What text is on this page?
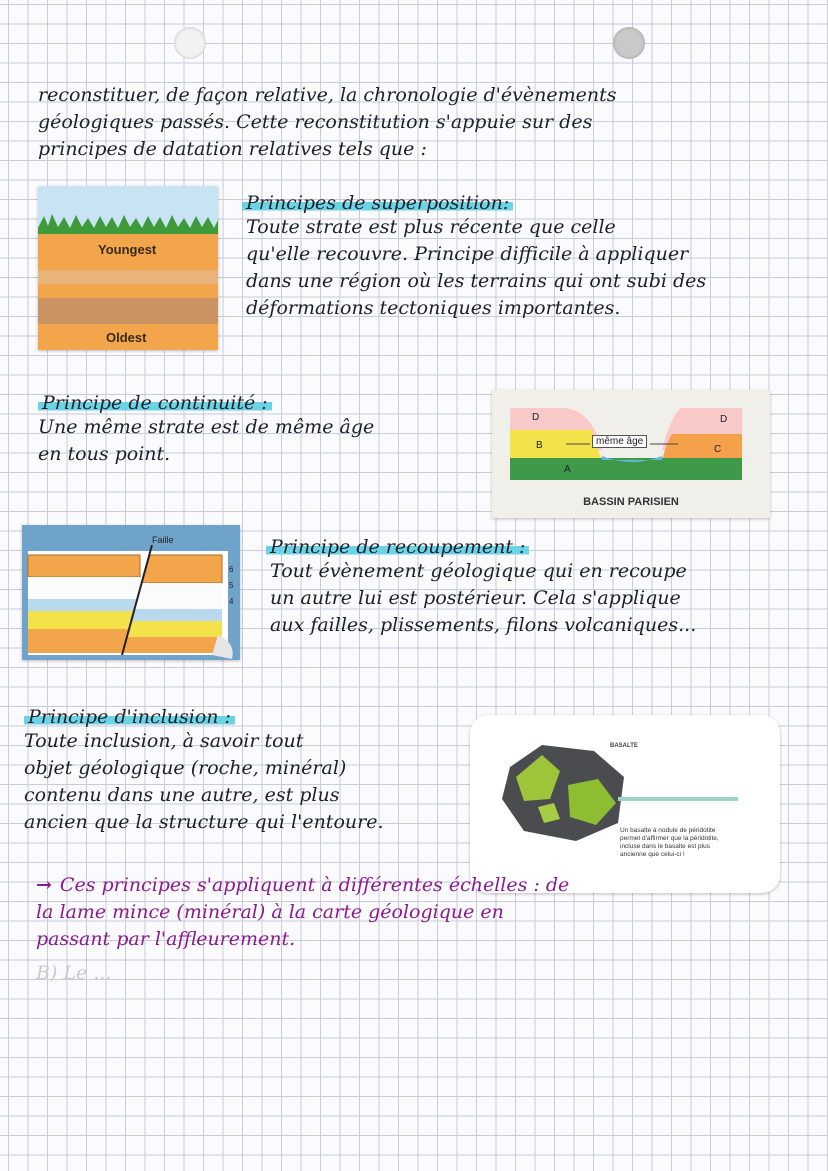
reconstituer, de façon relative, la chronologie d'évènements
géologiques passés. Cette reconstitution s'appuie sur des
principes de datation relatives tels que :
Youngest
Oldest
Principes de superposition:
Toute strate est plus récente que celle
qu'elle recouvre. Principe difficile à appliquer
dans une région où les terrains qui ont subi des
déformations tectoniques importantes.
Principe de continuité :
Une même strate est de même âge
en tous point.
D
B
A
D
C
même âge
BASSIN PARISIEN
Faille
6
5
4
Principe de recoupement :
Tout évènement géologique qui en recoupe
un autre lui est postérieur. Cela s'applique
aux failles, plissements, filons volcaniques...
Principe d'inclusion :
Toute inclusion, à savoir tout
objet géologique (roche, minéral)
contenu dans une autre, est plus
ancien que la structure qui l'entoure.
BASALTE
Un basalte à nodule de péridotite
permet d'affirmer que la péridotite,
incluse dans le basalte est plus
ancienne que celui-ci !
→ Ces principes s'appliquent à différentes échelles : de
la lame mince (minéral) à la carte géologique en
passant par l'affleurement.
B) Le ...
